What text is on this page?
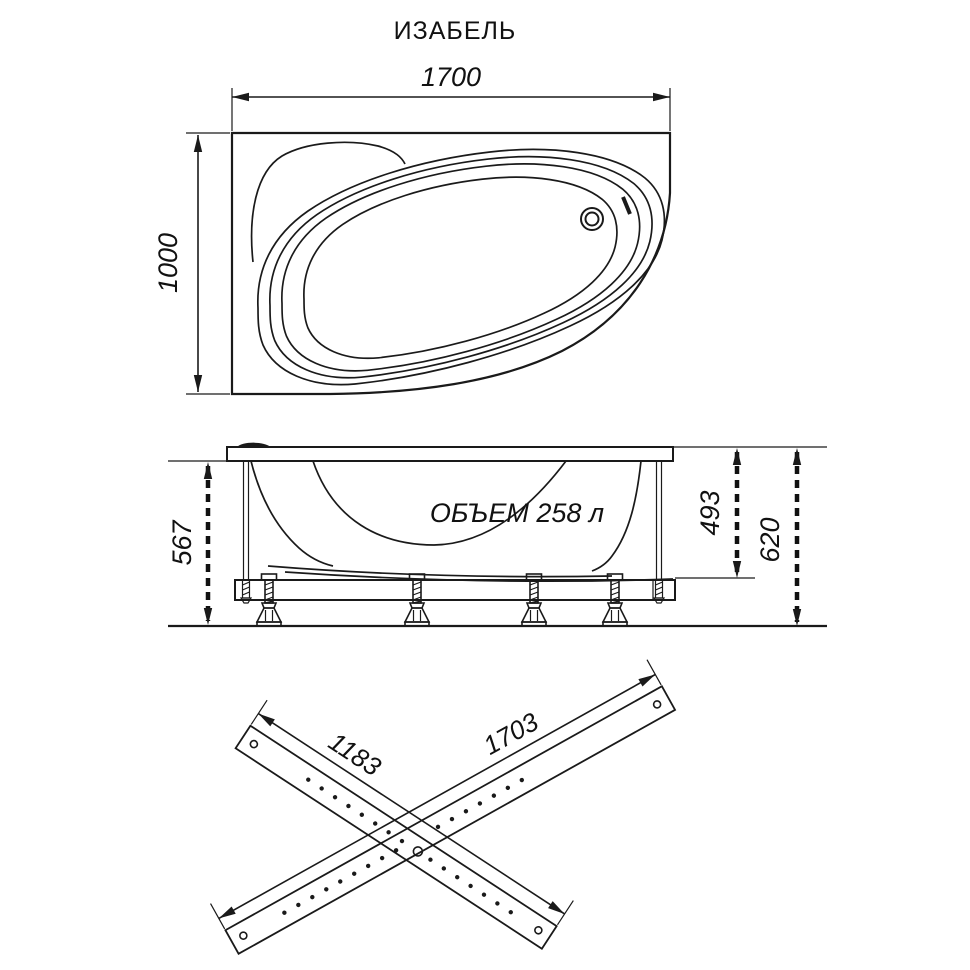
ИЗАБЕЛЬ
1700
1000
ОБЪЕМ 258 л
567
493
620
1183	1703
